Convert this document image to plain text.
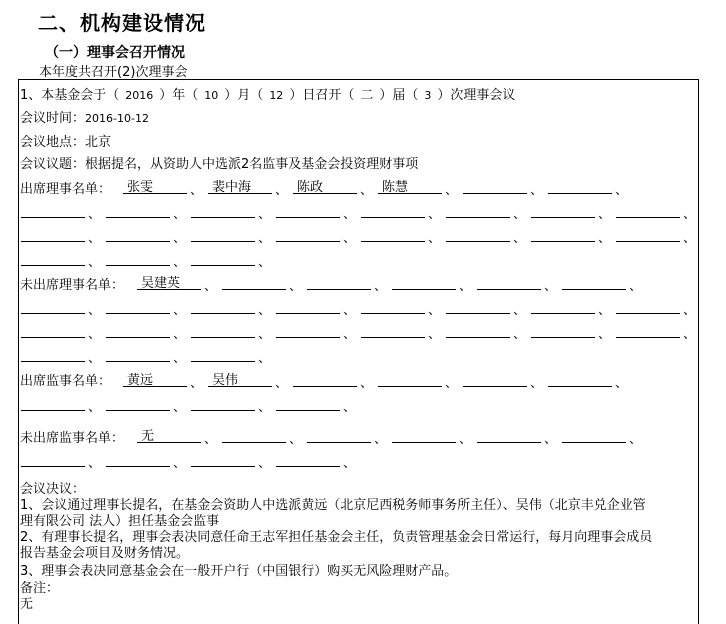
二、机构建设情况
（一）理事会召开情况
本年度共召开(2)次理事会
1、本基金会于（ 2016 ）年（ 10 ）月（ 12 ）日召开（ 二 ）届（ 3 ）次理事会议
会议时间：2016-10-12
会议地点：北京
会议议题：根据提名，从资助人中选派2名监事及基金会投资理财事项
出席理事名单： 张雯	、 裴中海 、 陈政	、 陈慧	、	、	、
、	、	、	、	、	、	、	、
、	、	、	、	、	、	、	、
、	、	、
未出席理事名单： 吴建英 、	、	、	、	、	、
、	、	、	、	、	、	、	、
、	、	、	、	、	、	、	、
、	、	、
出席监事名单： 黄远	、 吴伟	、	、	、	、	、
、	、	、	、
未出席监事名单： 无	、	、	、	、	、	、
、	、	、	、
会议决议：
1、会议通过理事长提名，在基金会资助人中选派黄远（北京尼西税务师事务所主任）、吴伟（北京丰兑企业管
理有限公司 法人）担任基金会监事
2、有理事长提名，理事会表决同意任命王志军担任基金会主任，负责管理基金会日常运行，每月向理事会成员
报告基金会项目及财务情况。
3、理事会表决同意基金会在一般开户行（中国银行）购买无风险理财产品。
备注：
无
